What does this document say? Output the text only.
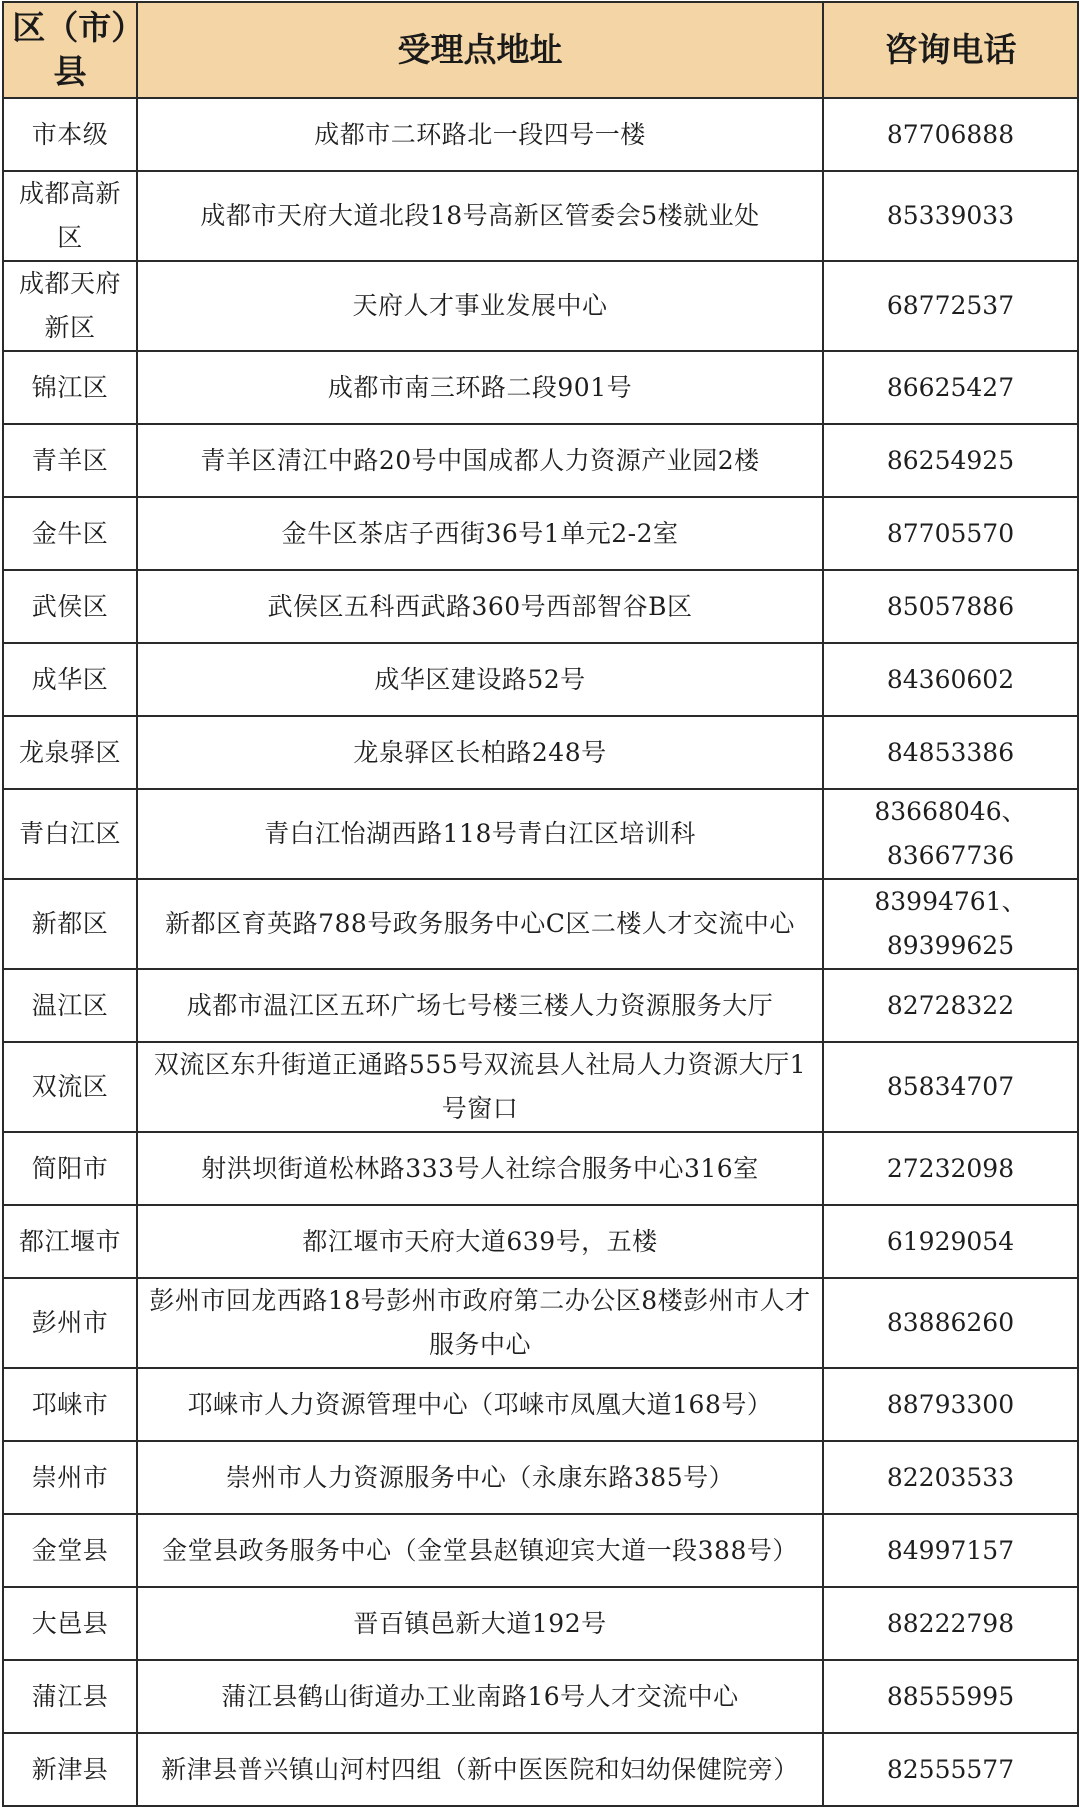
区（市）县	受理点地址	咨询电话
市本级	成都市二环路北一段四号一楼	87706888
成都高新区	成都市天府大道北段18号高新区管委会5楼就业处	85339033
成都天府新区	天府人才事业发展中心	68772537
锦江区	成都市南三环路二段901号	86625427
青羊区	青羊区清江中路20号中国成都人力资源产业园2楼	86254925
金牛区	金牛区茶店子西街36号1单元2-2室	87705570
武侯区	武侯区五科西武路360号西部智谷B区	85057886
成华区	成华区建设路52号	84360602
龙泉驿区	龙泉驿区长柏路248号	84853386
青白江区	青白江怡湖西路118号青白江区培训科	83668046、83667736
新都区	新都区育英路788号政务服务中心C区二楼人才交流中心	83994761、89399625
温江区	成都市温江区五环广场七号楼三楼人力资源服务大厅	82728322
双流区	双流区东升街道正通路555号双流县人社局人力资源大厅1号窗口	85834707
简阳市	射洪坝街道松林路333号人社综合服务中心316室	27232098
都江堰市	都江堰市天府大道639号，五楼	61929054
彭州市	彭州市回龙西路18号彭州市政府第二办公区8楼彭州市人才服务中心	83886260
邛崃市	邛崃市人力资源管理中心（邛崃市凤凰大道168号）	88793300
崇州市	崇州市人力资源服务中心（永康东路385号）	82203533
金堂县	金堂县政务服务中心（金堂县赵镇迎宾大道一段388号）	84997157
大邑县	晋百镇邑新大道192号	88222798
蒲江县	蒲江县鹤山街道办工业南路16号人才交流中心	88555995
新津县	新津县普兴镇山河村四组（新中医医院和妇幼保健院旁）	82555577
